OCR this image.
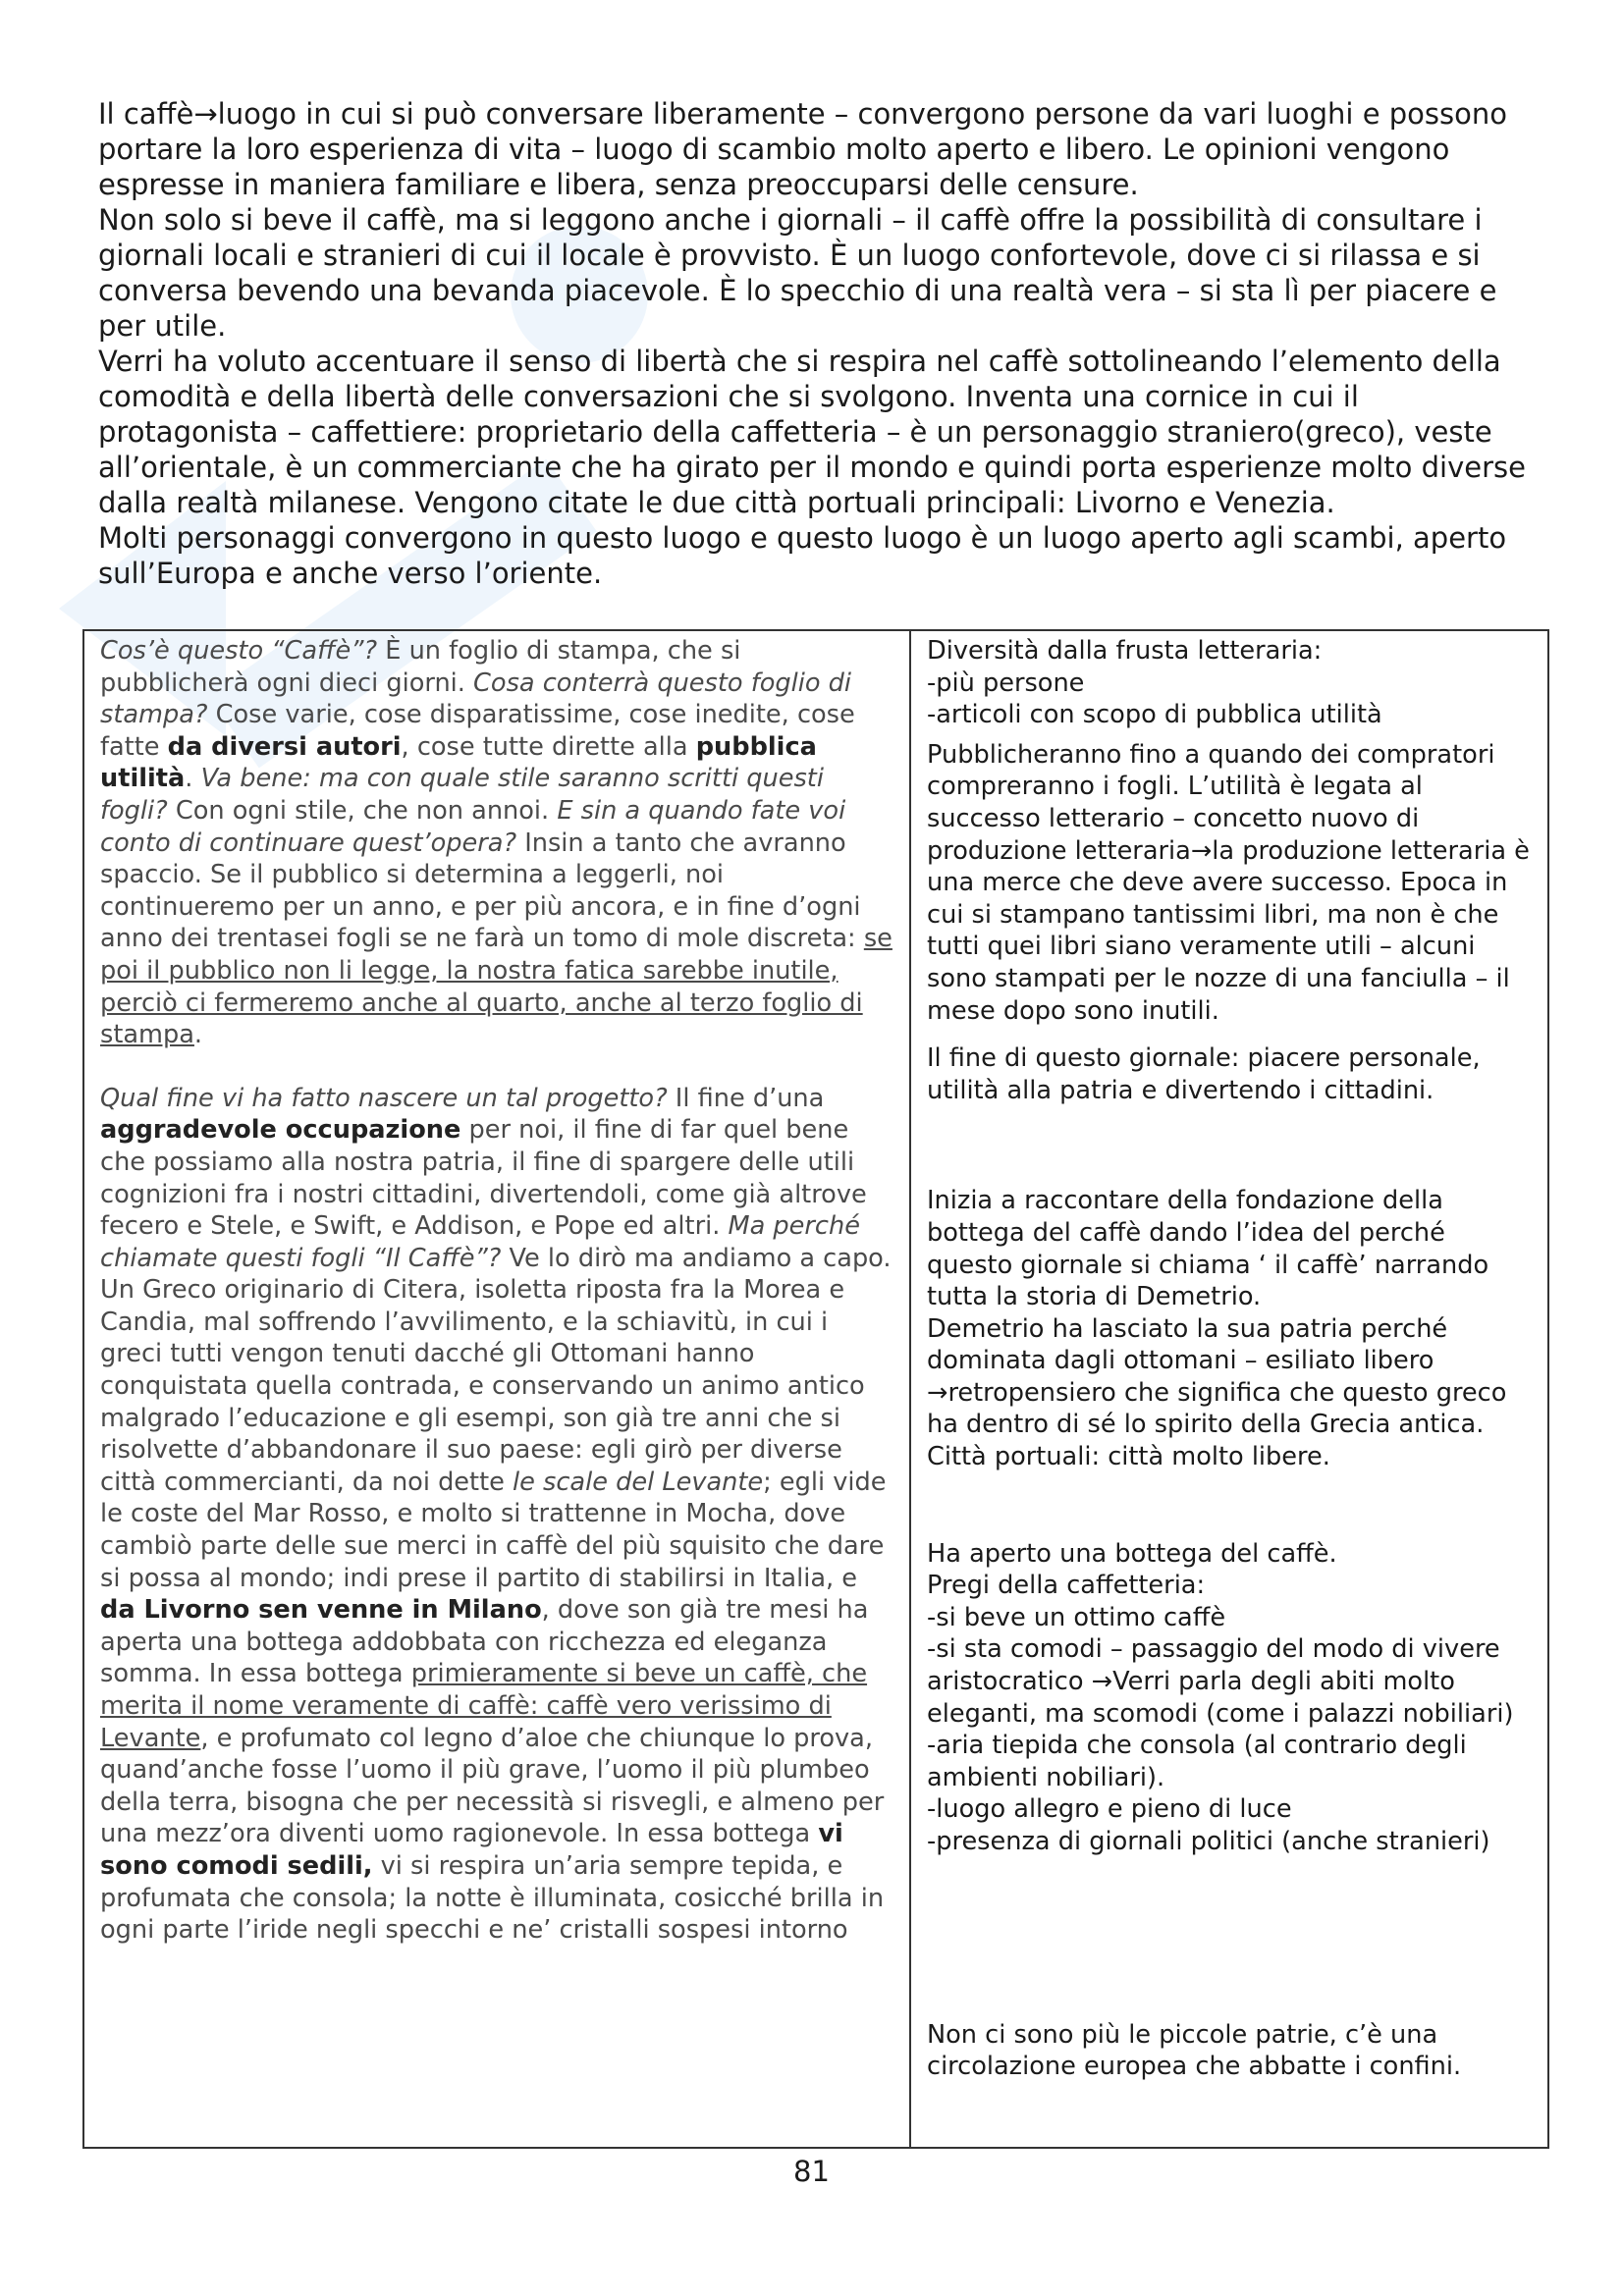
Il caffè→luogo in cui si può conversare liberamente – convergono persone da vari luoghi e possono portare la loro esperienza di vita – luogo di scambio molto aperto e libero. Le opinioni vengono espresse in maniera familiare e libera, senza preoccuparsi delle censure.

Non solo si beve il caffè, ma si leggono anche i giornali – il caffè offre la possibilità di consultare i giornali locali e stranieri di cui il locale è provvisto. È un luogo confortevole, dove ci si rilassa e si conversa bevendo una bevanda piacevole. È lo specchio di una realtà vera – si sta lì per piacere e per utile.

Verri ha voluto accentuare il senso di libertà che si respira nel caffè sottolineando l’elemento della comodità e della libertà delle conversazioni che si svolgono. Inventa una cornice in cui il protagonista – caffettiere: proprietario della caffetteria – è un personaggio straniero(greco), veste all’orientale, è un commerciante che ha girato per il mondo e quindi porta esperienze molto diverse dalla realtà milanese. Vengono citate le due città portuali principali: Livorno e Venezia.

Molti personaggi convergono in questo luogo e questo luogo è un luogo aperto agli scambi, aperto sull’Europa e anche verso l’oriente.

Cos’è questo “Caffè”? È un foglio di stampa, che si pubblicherà ogni dieci giorni. Cosa conterrà questo foglio di stampa? Cose varie, cose disparatissime, cose inedite, cose fatte da diversi autori, cose tutte dirette alla pubblica utilità. Va bene: ma con quale stile saranno scritti questi fogli? Con ogni stile, che non annoi. E sin a quando fate voi conto di continuare quest’opera? Insin a tanto che avranno spaccio. Se il pubblico si determina a leggerli, noi continueremo per un anno, e per più ancora, e in fine d’ogni anno dei trentasei fogli se ne farà un tomo di mole discreta: se poi il pubblico non li legge, la nostra fatica sarebbe inutile, perciò ci fermeremo anche al quarto, anche al terzo foglio di stampa.

Qual fine vi ha fatto nascere un tal progetto? Il fine d’una aggradevole occupazione per noi, il fine di far quel bene che possiamo alla nostra patria, il fine di spargere delle utili cognizioni fra i nostri cittadini, divertendoli, come già altrove fecero e Stele, e Swift, e Addison, e Pope ed altri. Ma perché chiamate questi fogli “Il Caffè”? Ve lo dirò ma andiamo a capo.

Un Greco originario di Citera, isoletta riposta fra la Morea e Candia, mal soffrendo l’avvilimento, e la schiavitù, in cui i greci tutti vengon tenuti dacché gli Ottomani hanno conquistata quella contrada, e conservando un animo antico malgrado l’educazione e gli esempi, son già tre anni che si risolvette d’abbandonare il suo paese: egli girò per diverse città commercianti, da noi dette le scale del Levante; egli vide le coste del Mar Rosso, e molto si trattenne in Mocha, dove cambiò parte delle sue merci in caffè del più squisito che dare si possa al mondo; indi prese il partito di stabilirsi in Italia, e da Livorno sen venne in Milano, dove son già tre mesi ha aperta una bottega addobbata con ricchezza ed eleganza somma. In essa bottega primieramente si beve un caffè, che merita il nome veramente di caffè: caffè vero verissimo di Levante, e profumato col legno d’aloe che chiunque lo prova, quand’anche fosse l’uomo il più grave, l’uomo il più plumbeo della terra, bisogna che per necessità si risvegli, e almeno per una mezz’ora diventi uomo ragionevole. In essa bottega vi sono comodi sedili, vi si respira un’aria sempre tepida, e profumata che consola; la notte è illuminata, cosicché brilla in ogni parte l’iride negli specchi e ne’ cristalli sospesi intorno

Diversità dalla frusta letteraria:
-più persone
-articoli con scopo di pubblica utilità

Pubblicheranno fino a quando dei compratori compreranno i fogli. L’utilità è legata al successo letterario – concetto nuovo di produzione letteraria→la produzione letteraria è una merce che deve avere successo. Epoca in cui si stampano tantissimi libri, ma non è che tutti quei libri siano veramente utili – alcuni sono stampati per le nozze di una fanciulla – il mese dopo sono inutili.

Il fine di questo giornale: piacere personale, utilità alla patria e divertendo i cittadini.

Inizia a raccontare della fondazione della bottega del caffè dando l’idea del perché questo giornale si chiama ‘ il caffè’ narrando tutta la storia di Demetrio.
Demetrio ha lasciato la sua patria perché dominata dagli ottomani – esiliato libero →retropensiero che significa che questo greco ha dentro di sé lo spirito della Grecia antica. Città portuali: città molto libere.
Ha aperto una bottega del caffè.
Pregi della caffetteria:
-si beve un ottimo caffè
-si sta comodi – passaggio del modo di vivere aristocratico →Verri parla degli abiti molto eleganti, ma scomodi (come i palazzi nobiliari)
-aria tiepida che consola (al contrario degli ambienti nobiliari).
-luogo allegro e pieno di luce
-presenza di giornali politici (anche stranieri)

Non ci sono più le piccole patrie, c’è una circolazione europea che abbatte i confini.

81
